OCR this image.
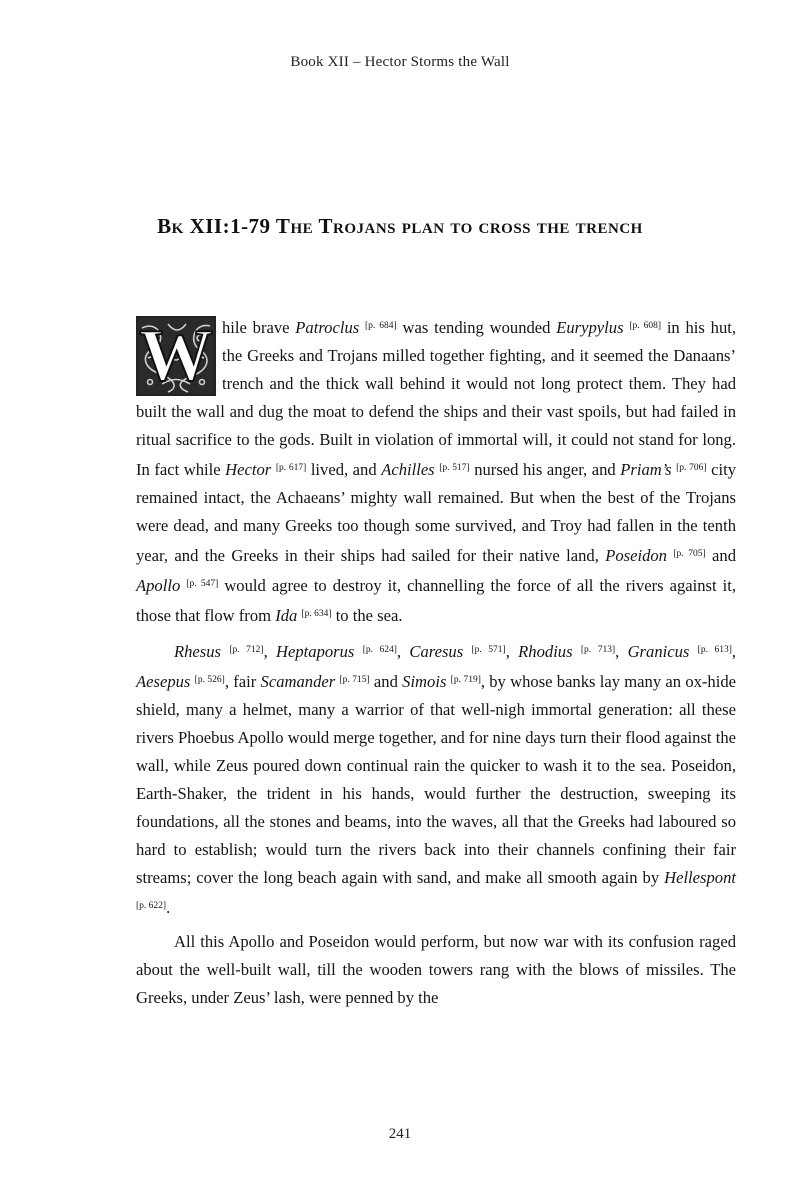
Book XII – Hector Storms the Wall
Bk XII:1-79 The Trojans plan to cross the trench

W hile brave Patroclus [p. 684] was tending wounded Eurypylus [p. 608] in his hut, the Greeks and Trojans milled together fighting, and it seemed the Danaans’ trench and the thick wall behind it would not long protect them. They had built the wall and dug the moat to defend the ships and their vast spoils, but had failed in ritual sacrifice to the gods. Built in violation of immortal will, it could not stand for long. In fact while Hector [p. 617] lived, and Achilles [p. 517] nursed his anger, and Priam’s [p. 706] city remained intact, the Achaeans’ mighty wall remained. But when the best of the Trojans were dead, and many Greeks too though some survived, and Troy had fallen in the tenth year, and the Greeks in their ships had sailed for their native land, Poseidon [p. 705] and Apollo [p. 547] would agree to destroy it, channelling the force of all the rivers against it, those that flow from Ida [p. 634] to the sea.

Rhesus [p. 712], Heptaporus [p. 624], Caresus [p. 571], Rhodius [p. 713], Granicus [p. 613], Aesepus [p. 526], fair Scamander [p. 715] and Simois [p. 719], by whose banks lay many an ox-hide shield, many a helmet, many a warrior of that well-nigh immortal generation: all these rivers Phoebus Apollo would merge together, and for nine days turn their flood against the wall, while Zeus poured down continual rain the quicker to wash it to the sea. Poseidon, Earth-Shaker, the trident in his hands, would further the destruction, sweeping its foundations, all the stones and beams, into the waves, all that the Greeks had laboured so hard to establish; would turn the rivers back into their channels confining their fair streams; cover the long beach again with sand, and make all smooth again by Hellespont [p. 622].

All this Apollo and Poseidon would perform, but now war with its confusion raged about the well-built wall, till the wooden towers rang with the blows of missiles. The Greeks, under Zeus’ lash, were penned by the

241
